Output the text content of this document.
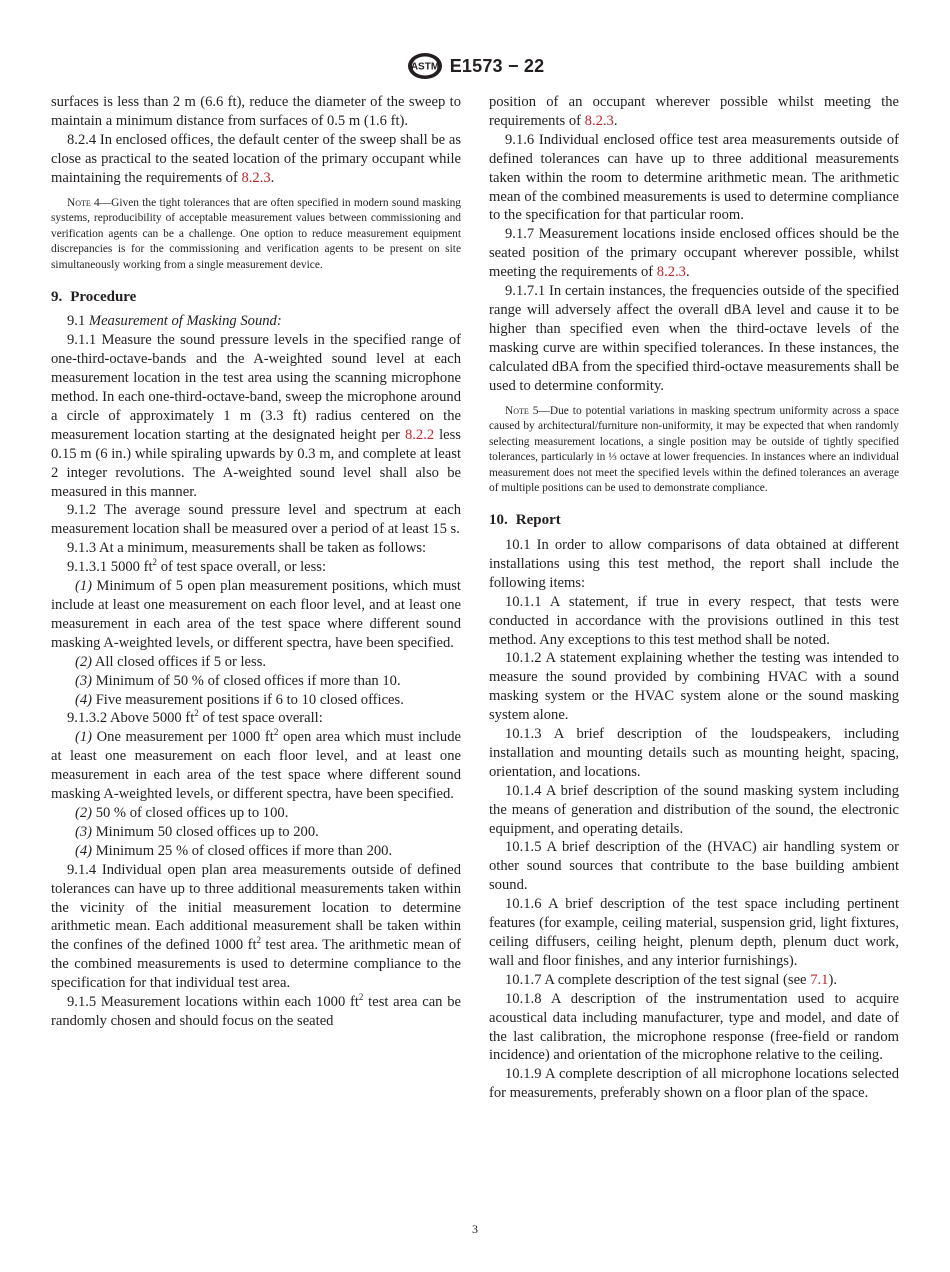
ASTM E1573 − 22

surfaces is less than 2 m (6.6 ft), reduce the diameter of the sweep to maintain a minimum distance from surfaces of 0.5 m (1.6 ft).

8.2.4 In enclosed offices, the default center of the sweep shall be as close as practical to the seated location of the primary occupant while maintaining the requirements of 8.2.3.

Note 4—Given the tight tolerances that are often specified in modern sound masking systems, reproducibility of acceptable measurement values between commissioning and verification agents can be a challenge. One option to reduce measurement equipment discrepancies is for the commissioning and verification agents to be present on site simultaneously working from a single measurement device.

9. Procedure

9.1 Measurement of Masking Sound:

9.1.1 Measure the sound pressure levels in the specified range of one-third-octave-bands and the A-weighted sound level at each measurement location in the test area using the scanning microphone method. In each one-third-octave-band, sweep the microphone around a circle of approximately 1 m (3.3 ft) radius centered on the measurement location starting at the designated height per 8.2.2 less 0.15 m (6 in.) while spiraling upwards by 0.3 m, and complete at least 2 integer revolutions. The A-weighted sound level shall also be measured in this manner.

9.1.2 The average sound pressure level and spectrum at each measurement location shall be measured over a period of at least 15 s.

9.1.3 At a minimum, measurements shall be taken as follows:

9.1.3.1 5000 $ft^2$ of test space overall, or less:

(1) Minimum of 5 open plan measurement positions, which must include at least one measurement on each floor level, and at least one measurement in each area of the test space where different sound masking A-weighted levels, or different spectra, have been specified.

(2) All closed offices if 5 or less.

(3) Minimum of 50 % of closed offices if more than 10.

(4) Five measurement positions if 6 to 10 closed offices.

9.1.3.2 Above 5000 $ft^2$ of test space overall:

(1) One measurement per 1000 $ft^2$ open area which must include at least one measurement on each floor level, and at least one measurement in each area of the test space where different sound masking A-weighted levels, or different spectra, have been specified.

(2) 50 % of closed offices up to 100.

(3) Minimum 50 closed offices up to 200.

(4) Minimum 25 % of closed offices if more than 200.

9.1.4 Individual open plan area measurements outside of defined tolerances can have up to three additional measurements taken within the vicinity of the initial measurement location to determine arithmetic mean. Each additional measurement shall be taken within the confines of the defined 1000 $ft^2$ test area. The arithmetic mean of the combined measurements is used to determine compliance to the specification for that individual test area.

9.1.5 Measurement locations within each 1000 $ft^2$ test area can be randomly chosen and should focus on the seated

position of an occupant wherever possible whilst meeting the requirements of 8.2.3.

9.1.6 Individual enclosed office test area measurements outside of defined tolerances can have up to three additional measurements taken within the room to determine arithmetic mean. The arithmetic mean of the combined measurements is used to determine compliance to the specification for that particular room.

9.1.7 Measurement locations inside enclosed offices should be the seated position of the primary occupant wherever possible, whilst meeting the requirements of 8.2.3.

9.1.7.1 In certain instances, the frequencies outside of the specified range will adversely affect the overall dBA level and cause it to be higher than specified even when the third-octave levels of the masking curve are within specified tolerances. In these instances, the calculated dBA from the specified third-octave measurements shall be used to determine conformity.

Note 5—Due to potential variations in masking spectrum uniformity across a space caused by architectural/furniture non-uniformity, it may be expected that when randomly selecting measurement locations, a single position may be outside of tightly specified tolerances, particularly in ⅓ octave at lower frequencies. In instances where an individual measurement does not meet the specified levels within the defined tolerances an average of multiple positions can be used to demonstrate compliance.

10. Report

10.1 In order to allow comparisons of data obtained at different installations using this test method, the report shall include the following items:

10.1.1 A statement, if true in every respect, that tests were conducted in accordance with the provisions outlined in this test method. Any exceptions to this test method shall be noted.

10.1.2 A statement explaining whether the testing was intended to measure the sound provided by combining HVAC with a sound masking system or the HVAC system alone or the sound masking system alone.

10.1.3 A brief description of the loudspeakers, including installation and mounting details such as mounting height, spacing, orientation, and locations.

10.1.4 A brief description of the sound masking system including the means of generation and distribution of the sound, the electronic equipment, and operating details.

10.1.5 A brief description of the (HVAC) air handling system or other sound sources that contribute to the base building ambient sound.

10.1.6 A brief description of the test space including pertinent features (for example, ceiling material, suspension grid, light fixtures, ceiling diffusers, ceiling height, plenum depth, plenum duct work, wall and floor finishes, and any interior furnishings).

10.1.7 A complete description of the test signal (see 7.1).

10.1.8 A description of the instrumentation used to acquire acoustical data including manufacturer, type and model, and date of the last calibration, the microphone response (free-field or random incidence) and orientation of the microphone relative to the ceiling.

10.1.9 A complete description of all microphone locations selected for measurements, preferably shown on a floor plan of the space.

3
